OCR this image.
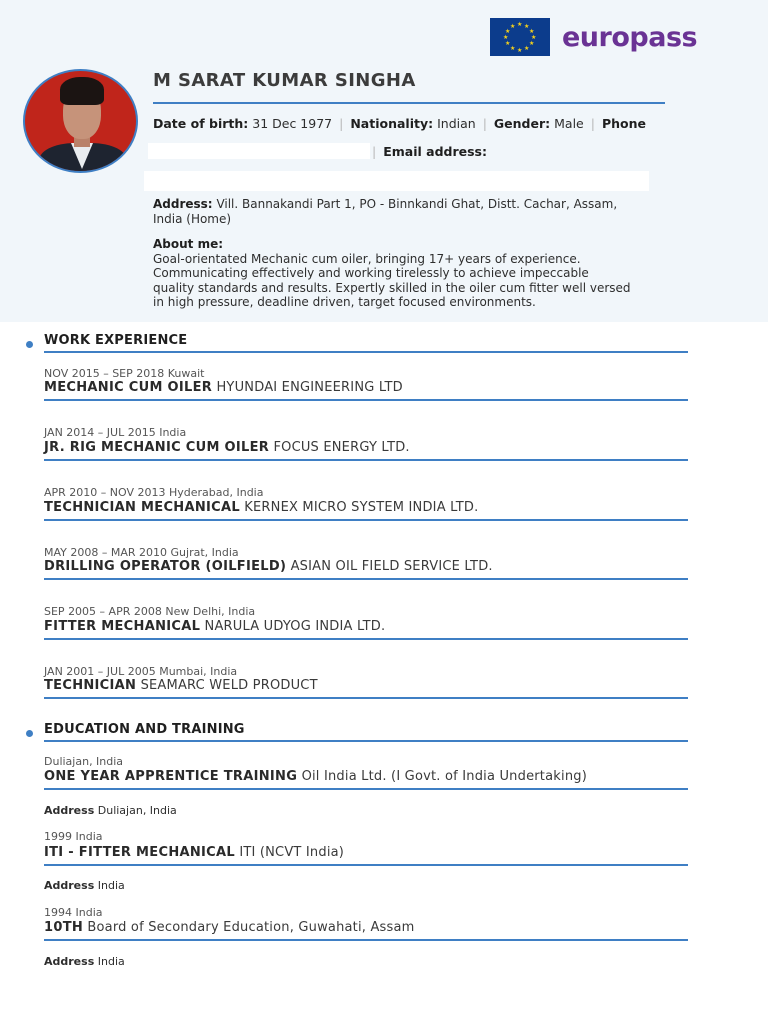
★ ★
★
★
★
★
★
★
★
★
★
★ europass
M SARAT KUMAR SINGHA
Date of birth: 31 Dec 1977 | Nationality: Indian | Gender: Male | Phone
| Email address:
Address: Vill. Bannakandi Part 1, PO - Binnkandi Ghat, Distt. Cachar, Assam, India (Home)
About me:
Goal-orientated Mechanic cum oiler, bringing 17+ years of experience. Communicating effectively and working tirelessly to achieve impeccable quality standards and results. Expertly skilled in the oiler cum fitter well versed in high pressure, deadline driven, target focused environments.
WORK EXPERIENCE
NOV 2015 – SEP 2018 Kuwait
MECHANIC CUM OILER HYUNDAI ENGINEERING LTD
JAN 2014 – JUL 2015 India
JR. RIG MECHANIC CUM OILER FOCUS ENERGY LTD.
APR 2010 – NOV 2013 Hyderabad, India
TECHNICIAN MECHANICAL KERNEX MICRO SYSTEM INDIA LTD.
MAY 2008 – MAR 2010 Gujrat, India
DRILLING OPERATOR (OILFIELD) ASIAN OIL FIELD SERVICE LTD.
SEP 2005 – APR 2008 New Delhi, India
FITTER MECHANICAL NARULA UDYOG INDIA LTD.
JAN 2001 – JUL 2005 Mumbai, India
TECHNICIAN SEAMARC WELD PRODUCT
EDUCATION AND TRAINING
Duliajan, India
ONE YEAR APPRENTICE TRAINING Oil India Ltd. (I Govt. of India Undertaking)
Address Duliajan, India
1999 India
ITI - FITTER MECHANICAL ITI (NCVT India)
Address India
1994 India
10TH Board of Secondary Education, Guwahati, Assam
Address India
